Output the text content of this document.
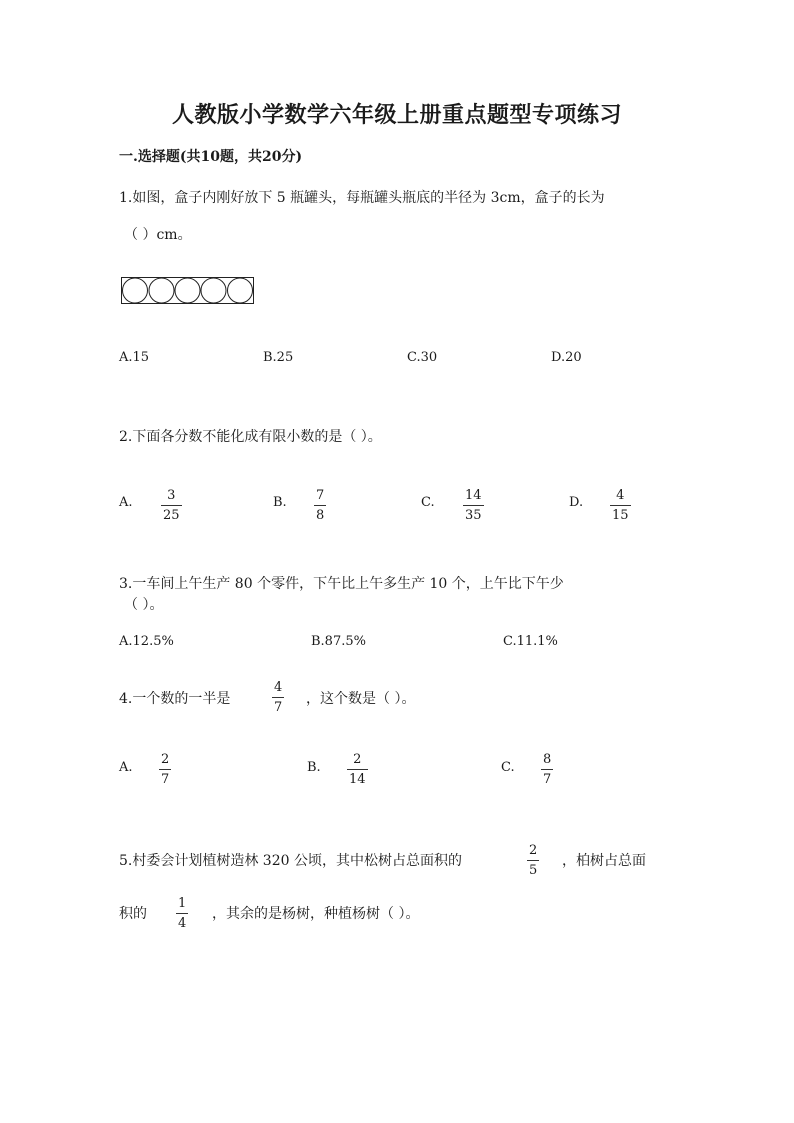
人教版小学数学六年级上册重点题型专项练习
一.选择题(共10题，共20分)
1.如图，盒子内刚好放下 5 瓶罐头，每瓶罐头瓶底的半径为 3cm，盒子的长为
（ ）cm。
A.15	B.25	C.30	D.20
2.下面各分数不能化成有限小数的是（ ）。
A.	3
25
B. 7
8
C. 14
35
D.	4
15
3.一车间上午生产 80 个零件，下午比上午多生产 10 个，上午比下午少
（ ）。
A.12.5%	B.87.5%	C.11.1%
4.一个数的一半是
4
7
，这个数是（ ）。
A.
2
7
B.
2
14
C.
8
7
5.村委会计划植树造林 320 公顷，其中松树占总面积的
2
5
，柏树占总面
积的
1
4
，其余的是杨树，种植杨树（ ）。
